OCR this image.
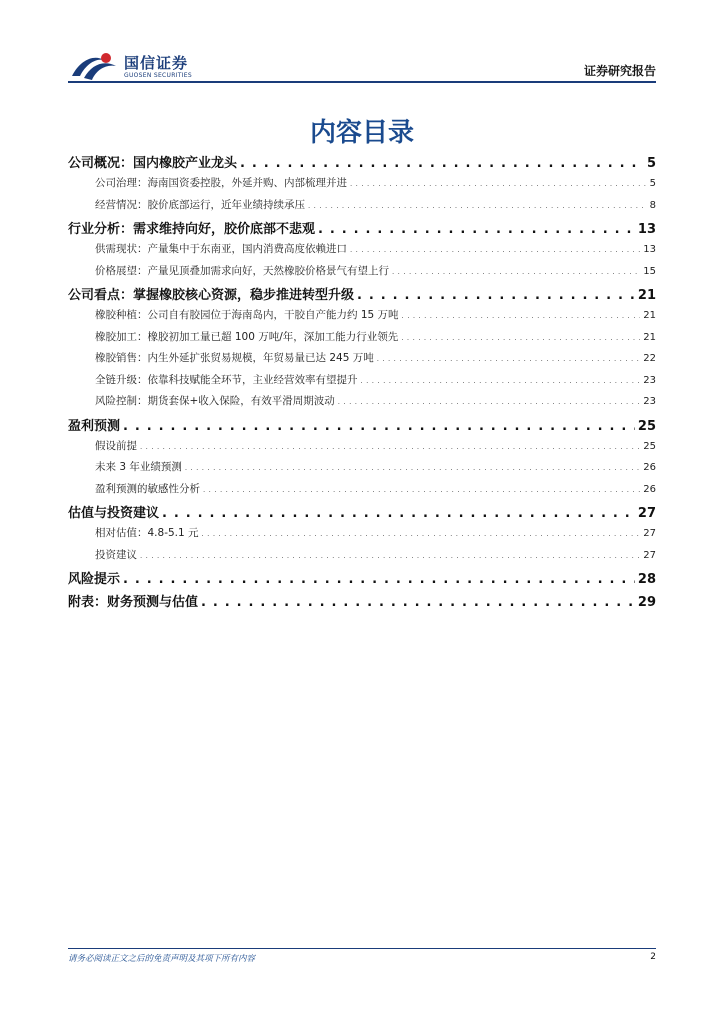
国信证券
GUOSEN SECURITIES	证券研究报告
内容目录
公司概况：国内橡胶产业龙头 . . .	5
公司治理：海南国资委控股，外延并购、内部梳理并进 . . .	5
经营情况：胶价底部运行，近年业绩持续承压 . . .	8
行业分析：需求维持向好，胶价底部不悲观 . . .	13
供需现状：产量集中于东南亚，国内消费高度依赖进口 . . .	13
价格展望：产量见顶叠加需求向好，天然橡胶价格景气有望上行 . . .	15
公司看点：掌握橡胶核心资源，稳步推进转型升级 . . .	21
橡胶种植：公司自有胶园位于海南岛内，干胶自产能力约 15 万吨 . . .	21
橡胶加工：橡胶初加工量已超 100 万吨/年，深加工能力行业领先 . . .	21
橡胶销售：内生外延扩张贸易规模，年贸易量已达 245 万吨 . . .	22
全链升级：依靠科技赋能全环节，主业经营效率有望提升 . . .	23
风险控制：期货套保+收入保险，有效平滑周期波动 . . .	23
盈利预测 . . .	25
假设前提 . . .	25
未来 3 年业绩预测 . . .	26
盈利预测的敏感性分析 . . .	26
估值与投资建议 . . .	27
相对估值：4.8-5.1 元 . . .	27
投资建议 . . .	27
风险提示 . . .	28
附表：财务预测与估值 . . .	29
请务必阅读正文之后的免责声明及其项下所有内容	2
